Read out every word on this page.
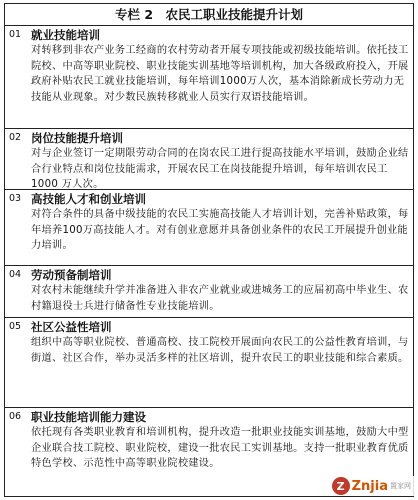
专栏 2　农民工职业技能提升计划
01 就业技能培训
对转移到非农产业务工经商的农村劳动者开展专项技能或初级技能培训。依托技工院校、中高等职业院校、职业技能实训基地等培训机构，加大各级政府投入，开展政府补贴农民工就业技能培训，每年培训1000万人次，基本消除新成长劳动力无技能从业现象。对少数民族转移就业人员实行双语技能培训。
02 岗位技能提升培训
对与企业签订一定期限劳动合同的在岗农民工进行提高技能水平培训，鼓励企业结合行业特点和岗位技能需求，开展农民工在岗技能提升培训，每年培训农民工 1000 万人次。
03 高技能人才和创业培训
对符合条件的具备中级技能的农民工实施高技能人才培训计划，完善补贴政策，每年培养100万高技能人才。对有创业意愿并具备创业条件的农民工开展提升创业能力培训。
04 劳动预备制培训
对农村未能继续升学并准备进入非农产业就业或进城务工的应届初高中毕业生、农村籍退役士兵进行储备性专业技能培训。
05 社区公益性培训
组织中高等职业院校、普通高校、技工院校开展面向农民工的公益性教育培训，与街道、社区合作，举办灵活多样的社区培训，提升农民工的职业技能和综合素质。
06 职业技能培训能力建设
依托现有各类职业教育和培训机构，提升改造一批职业技能实训基地，鼓励大中型企业联合技工院校、职业院校，建设一批农民工实训基地。支持一批职业教育优质特色学校、示范性中高等职业院校建设。
Z Znjia 置家网
